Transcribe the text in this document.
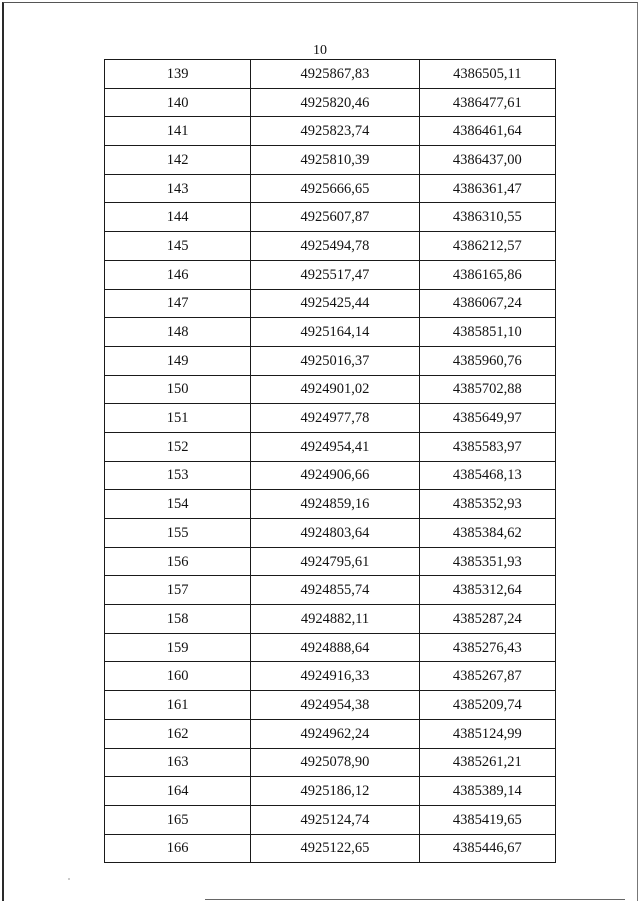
10
139	4925867,83	4386505,11
140	4925820,46	4386477,61
141	4925823,74	4386461,64
142	4925810,39	4386437,00
143	4925666,65	4386361,47
144	4925607,87	4386310,55
145	4925494,78	4386212,57
146	4925517,47	4386165,86
147	4925425,44	4386067,24
148	4925164,14	4385851,10
149	4925016,37	4385960,76
150	4924901,02	4385702,88
151	4924977,78	4385649,97
152	4924954,41	4385583,97
153	4924906,66	4385468,13
154	4924859,16	4385352,93
155	4924803,64	4385384,62
156	4924795,61	4385351,93
157	4924855,74	4385312,64
158	4924882,11	4385287,24
159	4924888,64	4385276,43
160	4924916,33	4385267,87
161	4924954,38	4385209,74
162	4924962,24	4385124,99
163	4925078,90	4385261,21
164	4925186,12	4385389,14
165	4925124,74	4385419,65
166	4925122,65	4385446,67
